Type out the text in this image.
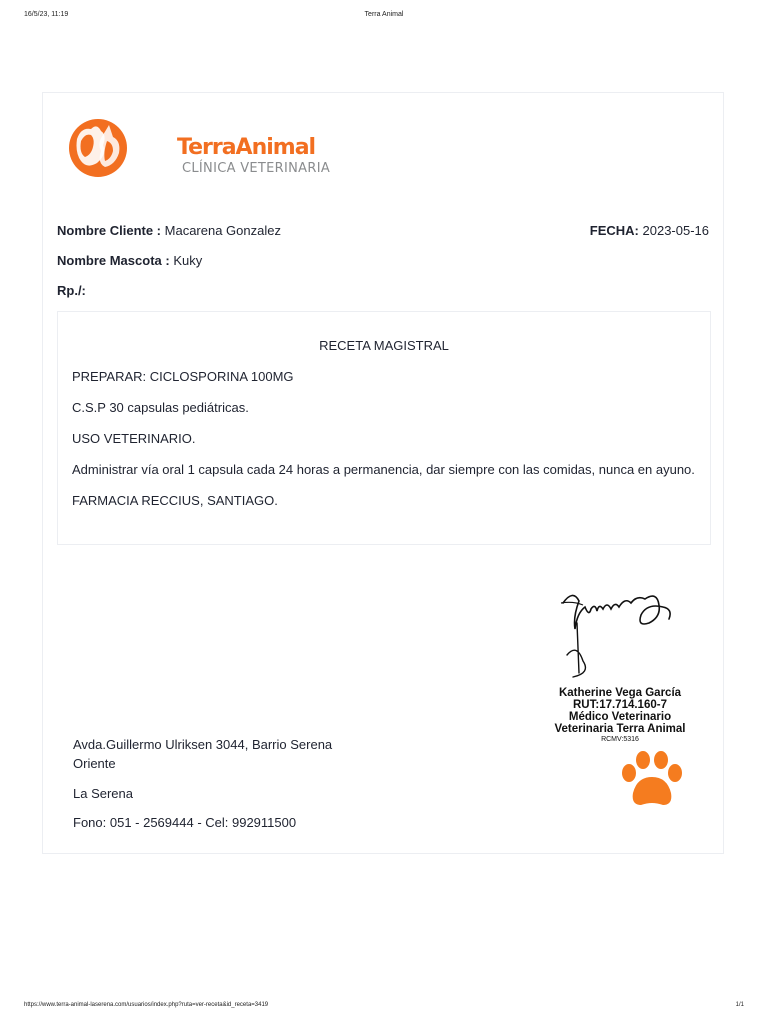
16/5/23, 11:19	Terra Animal
TerraAnimal
CLÍNICA VETERINARIA
Nombre Cliente : Macarena Gonzalez	FECHA: 2023-05-16
Nombre Mascota : Kuky
Rp./:

RECETA MAGISTRAL

PREPARAR: CICLOSPORINA 100MG

C.S.P 30 capsulas pediátricas.

USO VETERINARIO.

Administrar vía oral 1 capsula cada 24 horas a permanencia, dar siempre con las comidas, nunca en ayuno.

FARMACIA RECCIUS, SANTIAGO.

Katherine Vega García
RUT:17.714.160-7
Médico Veterinario
Veterinaria Terra Animal
RCMV:5316
Avda.Guillermo Ulriksen 3044, Barrio Serena Oriente
La Serena
Fono: 051 - 2569444 - Cel: 992911500
https://www.terra-animal-laserena.com/usuarios/index.php?ruta=ver-receta&id_receta=3419	1/1
